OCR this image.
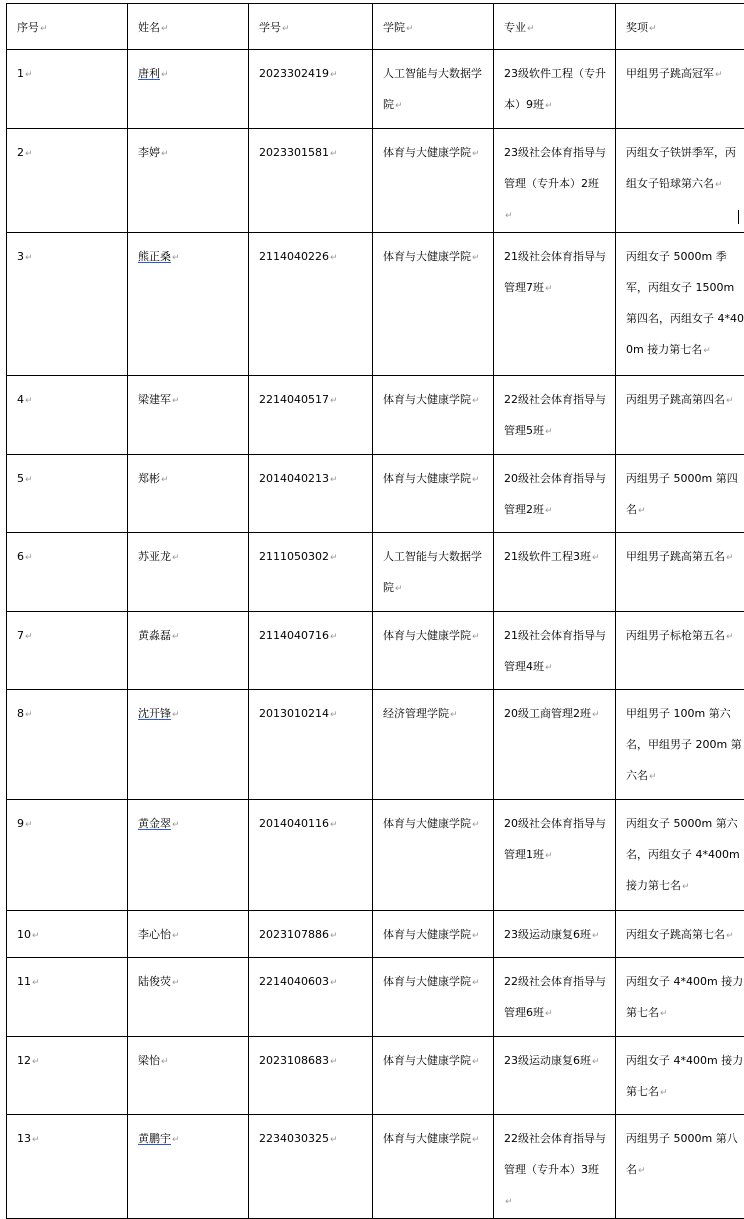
序号↵	姓名↵	学号↵	学院↵	专业↵	奖项↵
1↵	唐利↵	2023302419↵	人工智能与大数据学院↵	23级软件工程（专升本）9班↵	甲组男子跳高冠军↵
2↵	李婷↵	2023301581↵	体育与大健康学院↵	23级社会体育指导与管理（专升本）2班↵	丙组女子铁饼季军，丙组女子铅球第六名↵
3↵	熊正桑↵	2114040226↵	体育与大健康学院↵	21级社会体育指导与管理7班↵	丙组女子 5000m 季军，丙组女子 1500m 第四名，丙组女子 4*400m 接力第七名↵
4↵	梁建军↵	2214040517↵	体育与大健康学院↵	22级社会体育指导与管理5班↵	丙组男子跳高第四名↵
5↵	郑彬↵	2014040213↵	体育与大健康学院↵	20级社会体育指导与管理2班↵	丙组男子 5000m 第四名↵
6↵	苏亚龙↵	2111050302↵	人工智能与大数据学院↵	21级软件工程3班↵	甲组男子跳高第五名↵
7↵	黄淼磊↵	2114040716↵	体育与大健康学院↵	21级社会体育指导与管理4班↵	丙组男子标枪第五名↵
8↵	沈开锋↵	2013010214↵	经济管理学院↵	20级工商管理2班↵	甲组男子 100m 第六名，甲组男子 200m 第六名↵
9↵	黄金翠↵	2014040116↵	体育与大健康学院↵	20级社会体育指导与管理1班↵	丙组女子 5000m 第六名，丙组女子 4*400m 接力第七名↵
10↵	李心怡↵	2023107886↵	体育与大健康学院↵	23级运动康复6班↵	丙组女子跳高第七名↵
11↵	陆俊荧↵	2214040603↵	体育与大健康学院↵	22级社会体育指导与管理6班↵	丙组女子 4*400m 接力第七名↵
12↵	梁怡↵	2023108683↵	体育与大健康学院↵	23级运动康复6班↵	丙组女子 4*400m 接力第七名↵
13↵	黄鹏宇↵	2234030325↵	体育与大健康学院↵	22级社会体育指导与管理（专升本）3班↵	丙组男子 5000m 第八名↵
